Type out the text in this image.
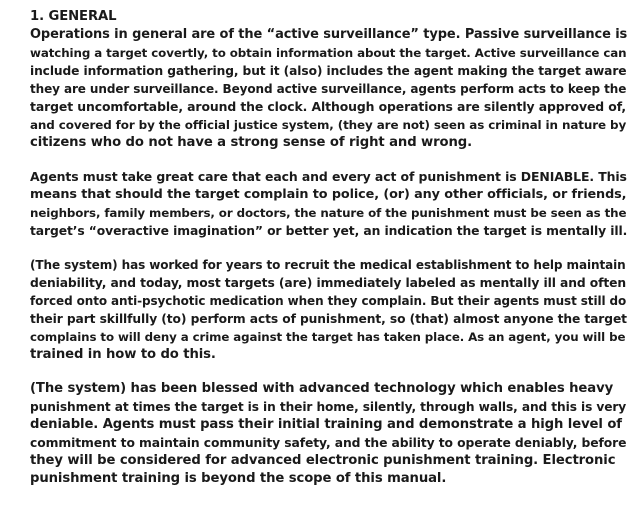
1. GENERAL

Operations in general are of the “active surveillance” type. Passive surveillance is
watching a target covertly, to obtain information about the target. Active surveillance can
include information gathering, but it (also) includes the agent making the target aware
they are under surveillance. Beyond active surveillance, agents perform acts to keep the
target uncomfortable, around the clock. Although operations are silently approved of,
and covered for by the official justice system, (they are not) seen as criminal in nature by
citizens who do not have a strong sense of right and wrong.

Agents must take great care that each and every act of punishment is DENIABLE. This
means that should the target complain to police, (or) any other officials, or friends,
neighbors, family members, or doctors, the nature of the punishment must be seen as the
target’s “overactive imagination” or better yet, an indication the target is mentally ill.

(The system) has worked for years to recruit the medical establishment to help maintain
deniability, and today, most targets (are) immediately labeled as mentally ill and often
forced onto anti-psychotic medication when they complain. But their agents must still do
their part skillfully (to) perform acts of punishment, so (that) almost anyone the target
complains to will deny a crime against the target has taken place. As an agent, you will be
trained in how to do this.

(The system) has been blessed with advanced technology which enables heavy
punishment at times the target is in their home, silently, through walls, and this is very
deniable. Agents must pass their initial training and demonstrate a high level of
commitment to maintain community safety, and the ability to operate deniably, before
they will be considered for advanced electronic punishment training. Electronic
punishment training is beyond the scope of this manual.
